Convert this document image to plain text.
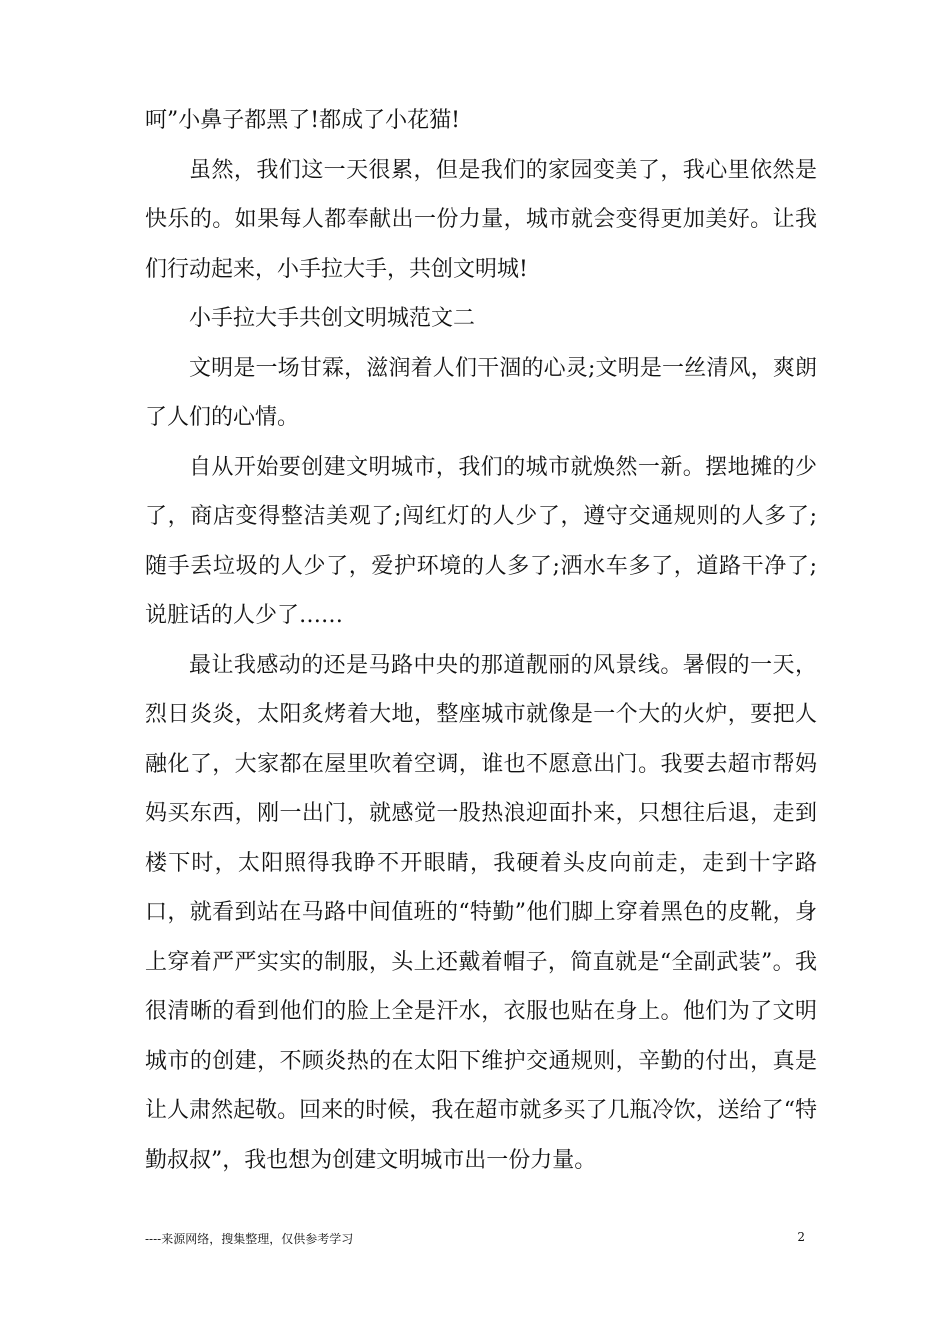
呵”小鼻子都黑了!都成了小花猫!

虽然，我们这一天很累，但是我们的家园变美了，我心里依然是快乐的。如果每人都奉献出一份力量，城市就会变得更加美好。让我们行动起来，小手拉大手，共创文明城!

小手拉大手共创文明城范文二

文明是一场甘霖，滋润着人们干涸的心灵;文明是一丝清风，爽朗了人们的心情。

自从开始要创建文明城市，我们的城市就焕然一新。摆地摊的少了，商店变得整洁美观了;闯红灯的人少了，遵守交通规则的人多了;随手丢垃圾的人少了，爱护环境的人多了;洒水车多了，道路干净了;说脏话的人少了……

最让我感动的还是马路中央的那道靓丽的风景线。暑假的一天，烈日炎炎，太阳炙烤着大地，整座城市就像是一个大的火炉，要把人融化了，大家都在屋里吹着空调，谁也不愿意出门。我要去超市帮妈妈买东西，刚一出门，就感觉一股热浪迎面扑来，只想往后退，走到楼下时，太阳照得我睁不开眼睛，我硬着头皮向前走，走到十字路口，就看到站在马路中间值班的“特勤”他们脚上穿着黑色的皮靴，身上穿着严严实实的制服，头上还戴着帽子，简直就是“全副武装”。我很清晰的看到他们的脸上全是汗水，衣服也贴在身上。他们为了文明城市的创建，不顾炎热的在太阳下维护交通规则，辛勤的付出，真是让人肃然起敬。回来的时候，我在超市就多买了几瓶冷饮，送给了“特勤叔叔”，我也想为创建文明城市出一份力量。

----来源网络，搜集整理，仅供参考学习	2
